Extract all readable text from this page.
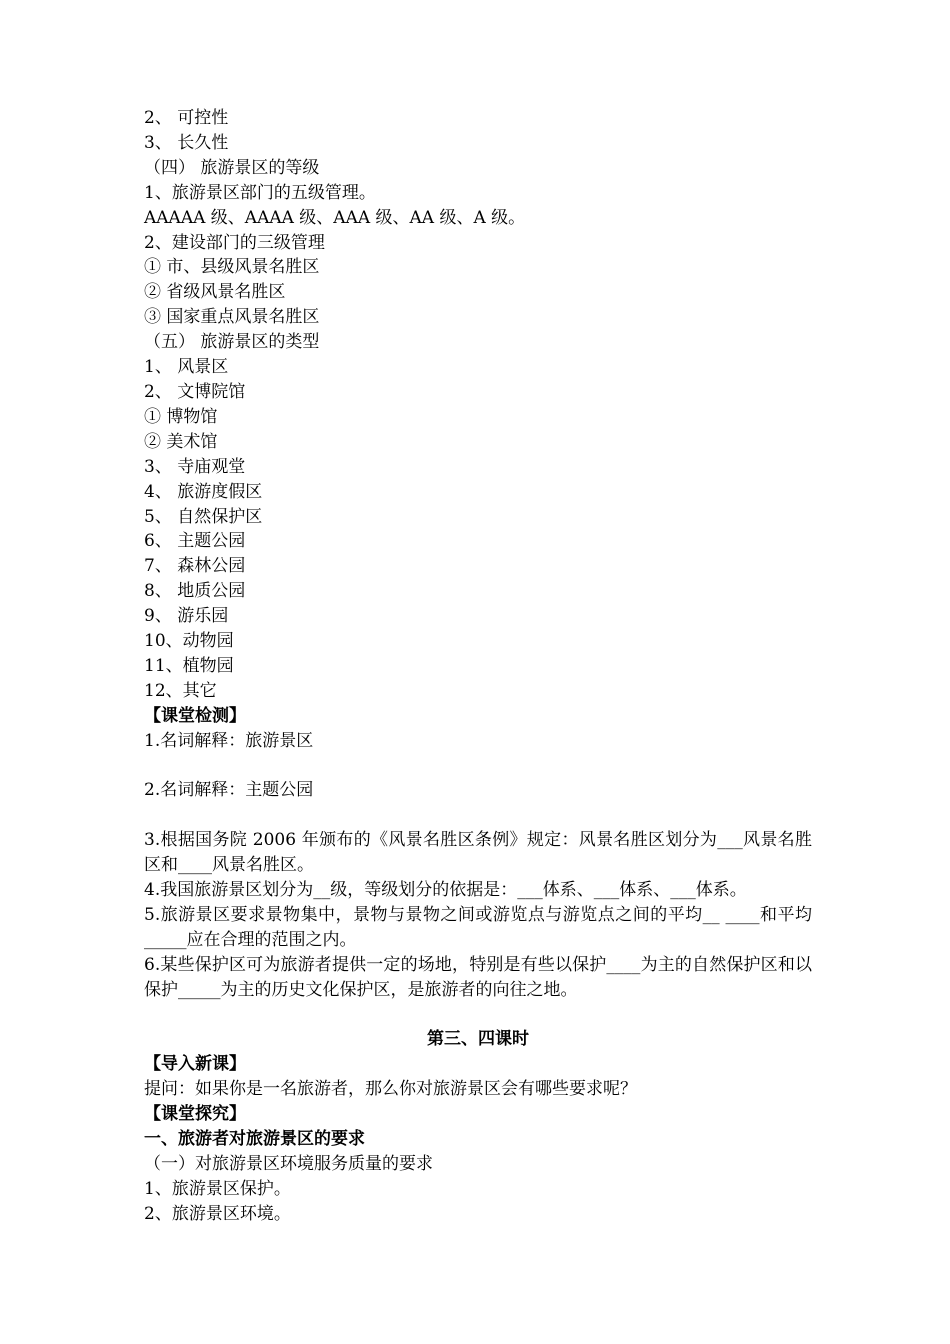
2、 可控性

3、 长久性

（四） 旅游景区的等级

1、旅游景区部门的五级管理。

AAAAA 级、AAAA 级、AAA 级、AA 级、A 级。

2、建设部门的三级管理

① 市、县级风景名胜区

② 省级风景名胜区

③ 国家重点风景名胜区

（五） 旅游景区的类型

1、 风景区

2、 文博院馆

① 博物馆

② 美术馆

3、 寺庙观堂

4、 旅游度假区

5、 自然保护区

6、 主题公园

7、 森林公园

8、 地质公园

9、 游乐园

10、动物园

11、植物园

12、其它

【课堂检测】

1.名词解释：旅游景区

2.名词解释：主题公园

3.根据国务院 2006 年颁布的《风景名胜区条例》规定：风景名胜区划分为___风景名胜区和____风景名胜区。

4.我国旅游景区划分为__级，等级划分的依据是：___体系、___体系、___体系。

5.旅游景区要求景物集中，景物与景物之间或游览点与游览点之间的平均__ ____和平均_____应在合理的范围之内。

6.某些保护区可为旅游者提供一定的场地，特别是有些以保护____为主的自然保护区和以保护_____为主的历史文化保护区，是旅游者的向往之地。

第三、四课时

【导入新课】

提问：如果你是一名旅游者，那么你对旅游景区会有哪些要求呢？

【课堂探究】

一、旅游者对旅游景区的要求

（一）对旅游景区环境服务质量的要求

1、旅游景区保护。

2、旅游景区环境。
